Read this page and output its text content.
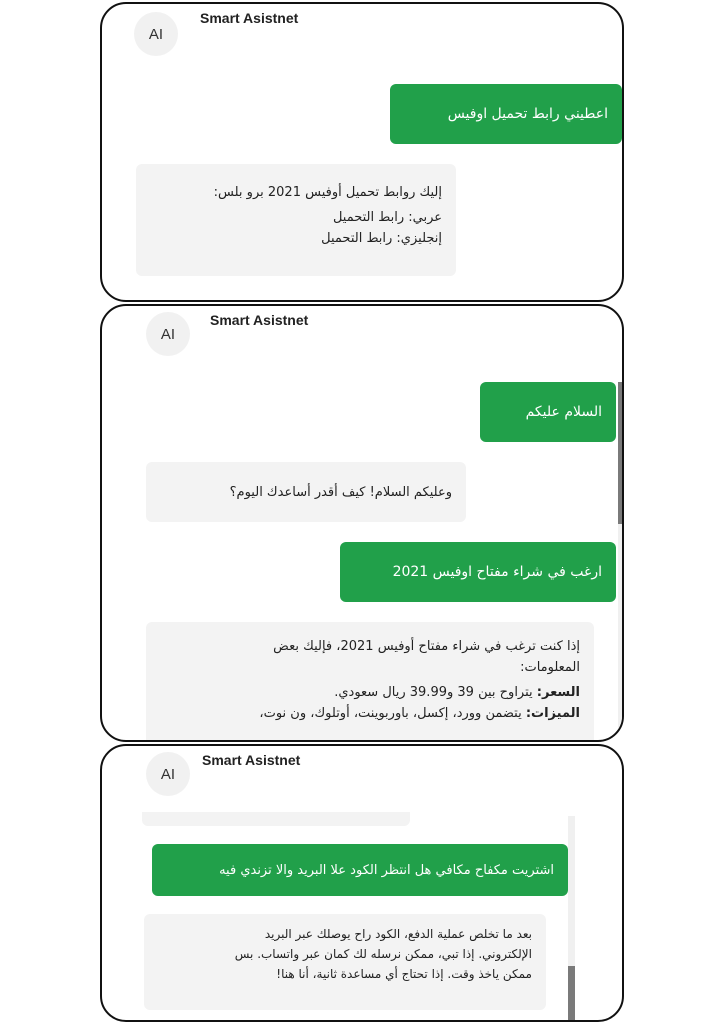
AI
Smart Asistnet
اعطيني رابط تحميل اوفيس
إليك روابط تحميل أوفيس 2021 برو بلس:
عربي: رابط التحميل
إنجليزي: رابط التحميل
AI
Smart Asistnet
السلام عليكم
وعليكم السلام! كيف أقدر أساعدك اليوم؟
ارغب في شراء مفتاح اوفيس 2021
إذا كنت ترغب في شراء مفتاح أوفيس 2021، فإليك بعض
المعلومات:
السعر: يتراوح بين 39 و39.99 ريال سعودي.
الميزات: يتضمن وورد، إكسل، باوربوينت، أوتلوك، ون نوت،
AI
Smart Asistnet
اشتريت مكفاح مكافي هل انتظر الكود علا البريد والا تزندي فيه
بعد ما تخلص عملية الدفع، الكود راح يوصلك عبر البريد
الإلكتروني. إذا تبي، ممكن نرسله لك كمان عبر واتساب. بس
ممكن ياخذ وقت. إذا تحتاج أي مساعدة ثانية، أنا هنا!
